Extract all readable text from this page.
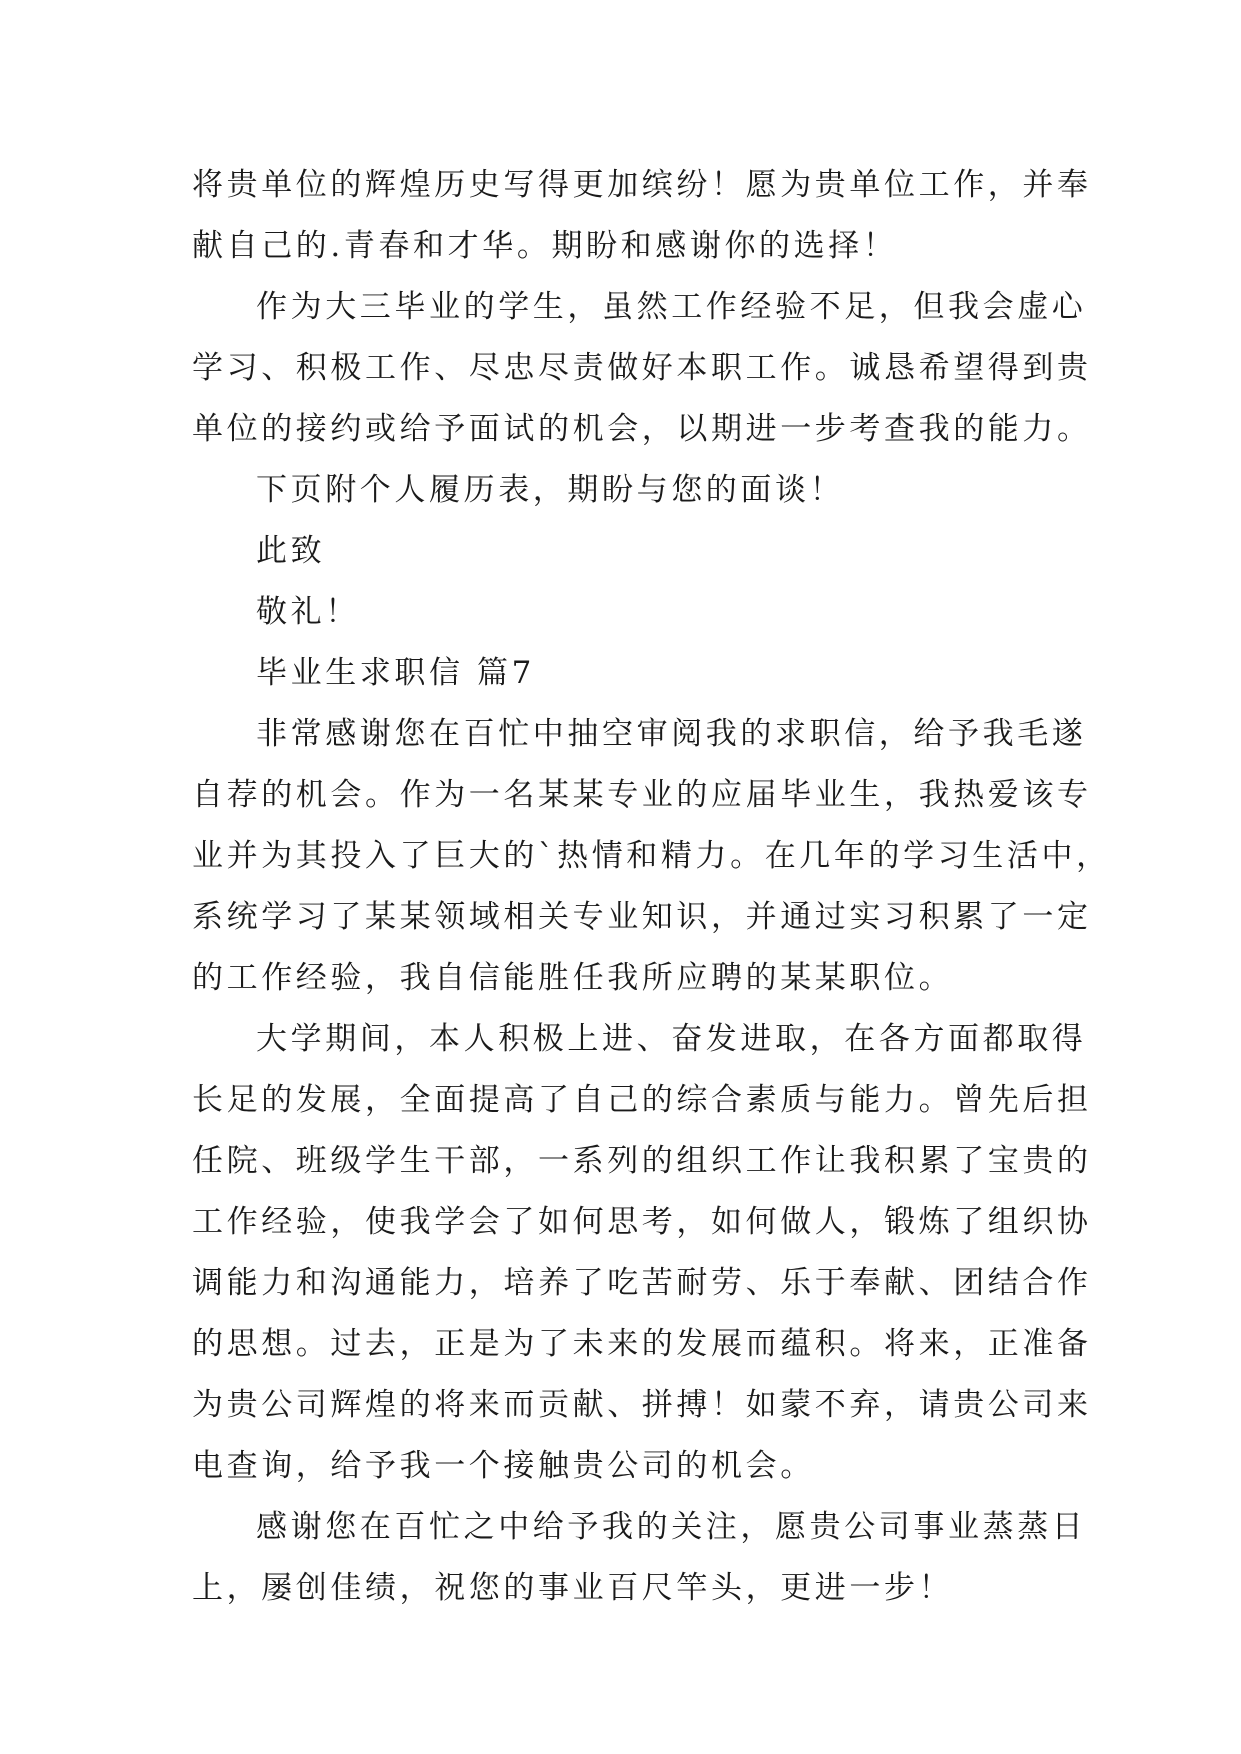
将贵单位的辉煌历史写得更加缤纷！愿为贵单位工作，并奉
献自己的.青春和才华。期盼和感谢你的选择！
作为大三毕业的学生，虽然工作经验不足，但我会虚心
学习、积极工作、尽忠尽责做好本职工作。诚恳希望得到贵
单位的接约或给予面试的机会，以期进一步考查我的能力。
下页附个人履历表，期盼与您的面谈！
此致
敬礼！
毕业生求职信 篇7
非常感谢您在百忙中抽空审阅我的求职信，给予我毛遂
自荐的机会。作为一名某某专业的应届毕业生，我热爱该专
业并为其投入了巨大的`热情和精力。在几年的学习生活中，
系统学习了某某领域相关专业知识，并通过实习积累了一定
的工作经验，我自信能胜任我所应聘的某某职位。
大学期间，本人积极上进、奋发进取，在各方面都取得
长足的发展，全面提高了自己的综合素质与能力。曾先后担
任院、班级学生干部，一系列的组织工作让我积累了宝贵的
工作经验，使我学会了如何思考，如何做人，锻炼了组织协
调能力和沟通能力，培养了吃苦耐劳、乐于奉献、团结合作
的思想。过去，正是为了未来的发展而蕴积。将来，正准备
为贵公司辉煌的将来而贡献、拼搏！如蒙不弃，请贵公司来
电查询，给予我一个接触贵公司的机会。
感谢您在百忙之中给予我的关注，愿贵公司事业蒸蒸日
上，屡创佳绩，祝您的事业百尺竿头，更进一步！
